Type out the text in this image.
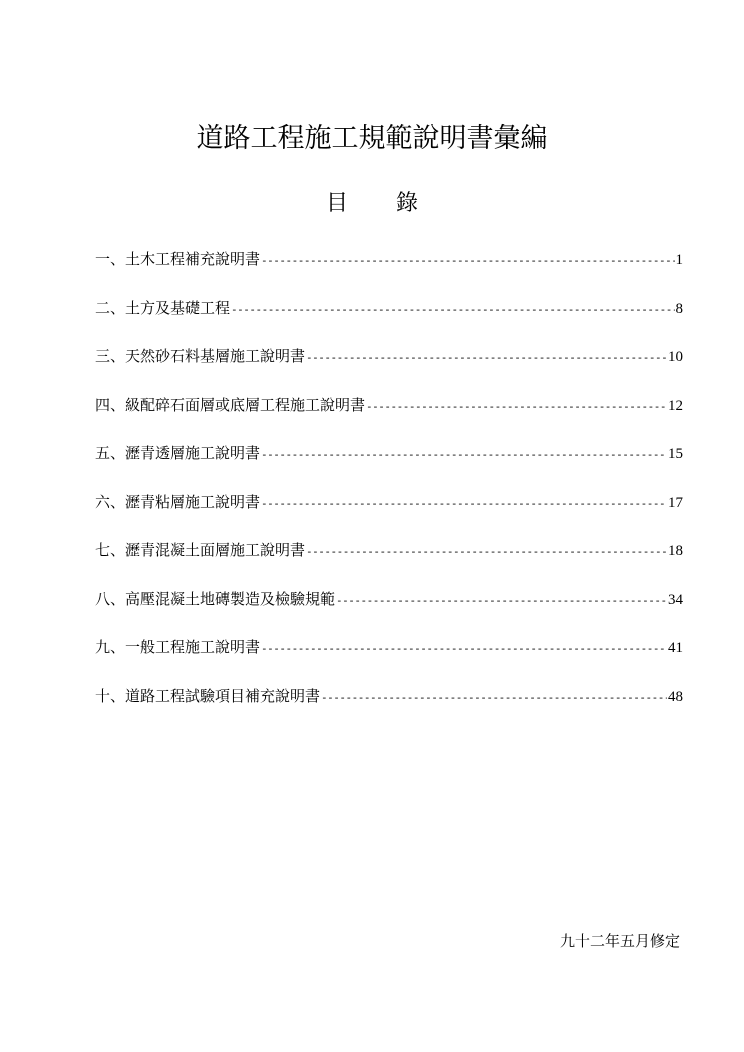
道路工程施工規範說明書彙編
目 錄
一、 土木工程補充說明書 -----	1
二、 土方及基礎工程 -----	8
三、 天然砂石料基層施工說明書 -----	10
四、 級配碎石面層或底層工程施工說明書 -----	12
五、 瀝青透層施工說明書 -----	15
六、 瀝青粘層施工說明書 -----	17
七、 瀝青混凝土面層施工說明書 -----	18
八、 高壓混凝土地磚製造及檢驗規範 -----	34
九、 一般工程施工說明書 -----	41
十、 道路工程試驗項目補充說明書 -----	48

九十二年五月修定
